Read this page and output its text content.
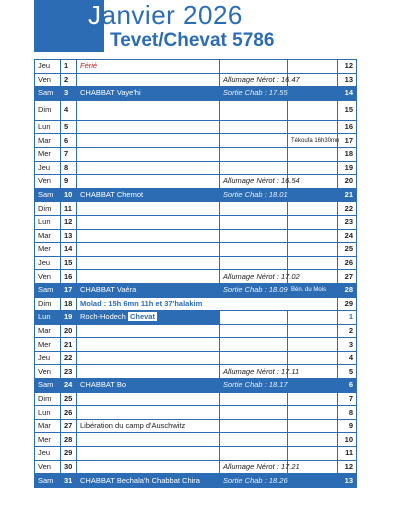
Janvier 2026
Tevet/Chevat 5786
Jeu	1	Férié			12
Ven	2		Allumage Nérot : 16.47		13
Sam	3	CHABBAT Vaye'hi	Sortie Chab : 17.55		14
Dim	4				15
Lun	5				16
Mar	6			Tékoufa 16h30mn	17
Mer	7				18
Jeu	8				19
Ven	9		Allumage Nérot : 16.54		20
Sam	10	CHABBAT Chemot	Sortie Chab : 18.01		21
Dim	11				22
Lun	12				23
Mar	13				24
Mer	14				25
Jeu	15				26
Ven	16		Allumage Nérot : 17.02		27
Sam	17	CHABBAT Vaéra	Sortie Chab : 18.09	Bén. du Mois	28
Dim	18	Molad : 15h 6mn 11h et 37'halakim			29
Lun	19	Roch-Hodech Chevat			1
Mar	20				2
Mer	21				3
Jeu	22				4
Ven	23		Allumage Nérot : 17.11		5
Sam	24	CHABBAT Bo	Sortie Chab : 18.17		6
Dim	25				7
Lun	26				8
Mar	27	Libération du camp d'Auschwitz			9
Mer	28				10
Jeu	29				11
Ven	30		Allumage Nérot : 17.21		12
Sam	31	CHABBAT Bechala'h Chabbat Chira	Sortie Chab : 18.26		13
